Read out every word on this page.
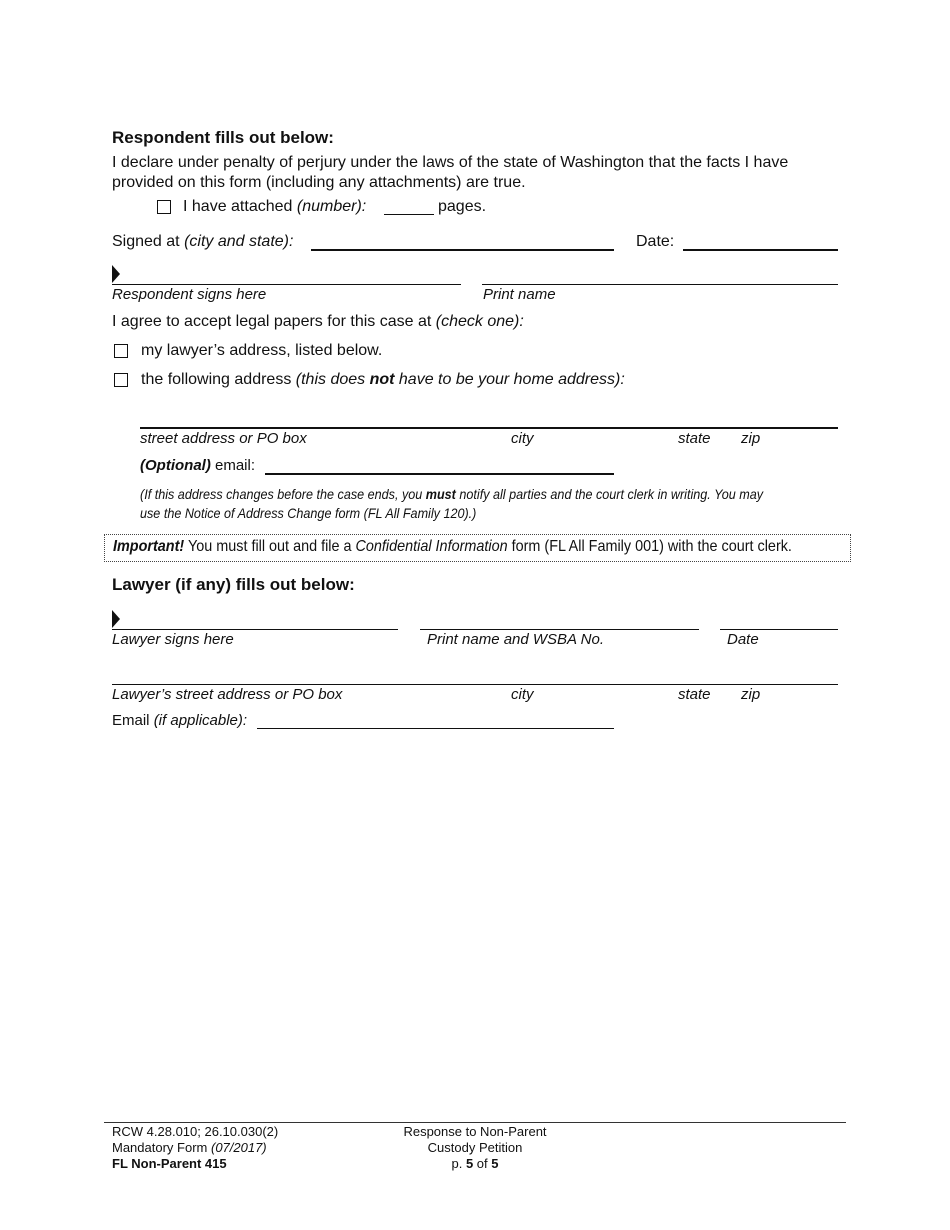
Respondent fills out below:
I declare under penalty of perjury under the laws of the state of Washington that the facts I have
provided on this form (including any attachments) are true.
I have attached (number):	pages.
Signed at (city and state):	Date:
Respondent signs here	Print name
I agree to accept legal papers for this case at (check one):
my lawyer’s address, listed below.
the following address (this does not have to be your home address):
street address or PO box	city	state zip
(Optional) email:
(If this address changes before the case ends, you must notify all parties and the court clerk in writing. You may
use the Notice of Address Change form (FL All Family 120).)
Important! You must fill out and file a Confidential Information form (FL All Family 001) with the court clerk.
Lawyer (if any) fills out below:
Lawyer signs here	Print name and WSBA No.	Date
Lawyer’s street address or PO box	city	state zip
Email (if applicable):
RCW 4.28.010; 26.10.030(2)
Mandatory Form (07/2017)
FL Non-Parent 415
Response to Non-Parent
Custody Petition
p. 5 of 5
